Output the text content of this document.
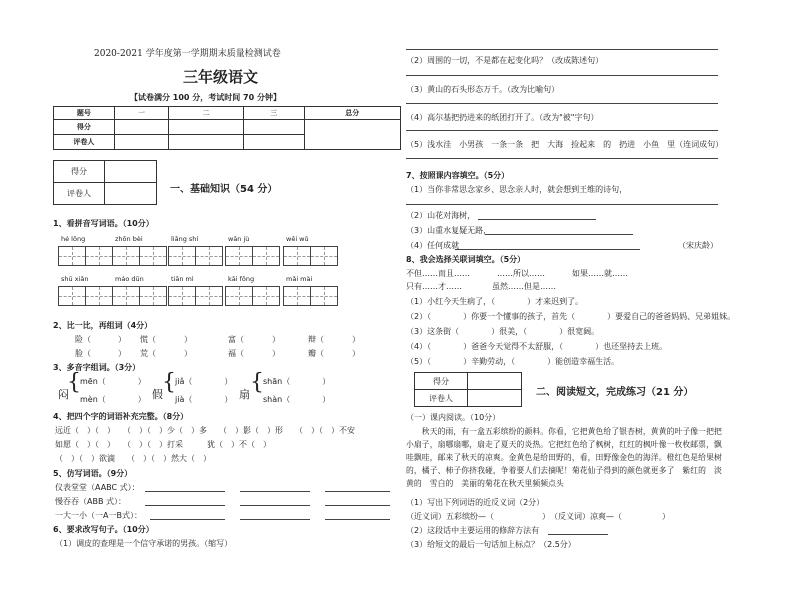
2020-2021 学年度第一学期期末质量检测试卷
三年级语文
【试卷满分 100 分，考试时间 70 分钟】
题号	一	二	三	总分
得分				
评卷人				
得分	
评卷人		一、基础知识（54 分）
1、看拼音写词语。（10分）
hé lǒng	zhōn bèi	liǎng shí	wān jù	wēi wǔ
shū xiǎn	máo dūn	tiān mì	kāi fōng	mǎi mài
2、比一比，再组词（4分）
险（	） 慌（	）	富（	）	辩（	）
脸（	） 荒（	）	福（	）	瓣（	）
3、多音字组词。（3分）
闷
{ mēn（　　　　）
mèn（　　　　） 假 { jiǎ（　　　　）
jià（　　　　） 扇 { shān（　　　　）
shàn（　　　　）
4、把四个字的词语补充完整。（8分）
远近（　）（　）　　（　）（　）少（　）多　　（　）影（　）形　　（　）（　）不安
如愿（　）（　）　　（　）（　）打采　　　犹（　）不（　）
（　）（　）欲滴　　（　）（　）然大（　）
5、仿写词语。（9分）
仪表堂堂（AABC 式）：
慢吞吞（ABB 式）：
一大一小（一A一B式）：
6、要求改写句子。（10分）
（1）调皮的查理是一个信守承诺的男孩。（缩写）
（2）周围的一切，不是都在起变化吗？（改成陈述句）
（3）黄山的石头形态万千。（改为比喻句）
（4）高尔基把扔进来的纸团打开了。（改为"被"字句）
（5）浅水洼　小男孩　一条一条　把　大海　捡起来　的　扔进　小鱼　里（连词成句）
7、按照课内容填空。（5分）
（1）当你非常思念家乡、思念亲人时，就会想到王维的诗句，
（2）山花对海树，
（3）山重水复疑无路，
（4）任何成就	（宋庆龄）
8、我会选择关联词填空。（5分）
不但……而且……	……所以……	如果……就……
只有……才……	虽然……但是……
（1）小红今天生病了，（　　　　）才来迟到了。
（2）（　　　　）你要一个懂事的孩子，首先（　　　　）要爱自己的爸爸妈妈、兄弟姐妹。
（3）这条街（　　　　）很美，（　　　　）很宽阔。
（4）（　　　　）爸爸今天觉得不太舒服，（　　　　）也还坚持去上班。
（5）（　　　　）辛勤劳动，（　　　　）能创造幸福生活。
得分	
评卷人		二、阅读短文，完成练习（21 分）
（一）课内阅读。（10分）
　　秋天的雨，有一盒五彩缤纷的颜料。你看，它把黄色给了银杏树，黄黄的叶子像一把把小扇子，扇哪扇哪，扇走了夏天的炎热。它把红色给了枫树，红红的枫叶像一枚枚邮票，飘哇飘哇，邮来了秋天的凉爽。金黄色是给田野的，看，田野像金色的海洋。橙红色是给果树的，橘子、柿子你挤我碰，争着要人们去摘呢！菊花仙子得到的颜色就更多了　紫红的　淡黄的　雪白的　美丽的菊花在秋天里频频点头
（1）写出下列词语的近反义词（2分）
（近义词）五彩缤纷—（　　　　　　）　（反义词）凉爽—（　　　　　）
（2）这段话中主要运用的修辞方法有
（3）给短文的最后一句话加上标点？（2.5分）
